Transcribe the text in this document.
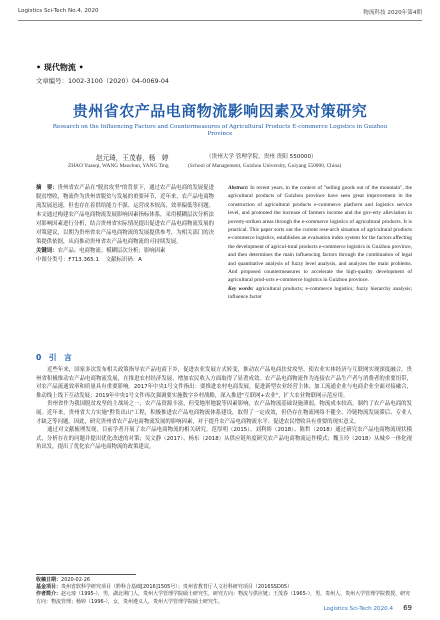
Logistics Sci-Tech No.4, 2020	物流科技 2020年第4期
• 现代物流 •
文章编号：1002-3100（2020）04-0069-04
贵州省农产品电商物流影响因素及对策研究
Research on the Influencing Factors and Countermeasures of Agricultural Products E-commerce Logistics in Guizhou Province
赵元琦，王茂春，杨　婷	（贵州大学 管理学院，贵州 贵阳 550000）
ZHAO Yuanqi, WANG Maochun, YANG Ting	(School of Management, Guizhou University, Guiyang 550000, China)
摘　要：贵州省农产品在"脱贫攻坚"的背景下，通过农产品电商的发展促进脱贫增收，物流作为贵州省脱贫与发展的重要环节，近年来，农产品电商物流发展迅速，但也存在着供给能力不强、运营成本较高、效率偏低等问题。本文通过构建农产品电商物流发展影响因素指标体系，采用模糊层次分析法对影响因素进行分析，结合贵州省实际情况提出促进农产品电商物流发展的对策建议，以期为贵州省农产品电商物流的发展提供参考，为相关部门的决策提供依据，从而推动贵州省农产品电商物流的可持续发展。
关键词：农产品；电商物流；模糊层次分析；影响因素
中图分类号：F713.365.1 文献标识码：A
Abstract: In recent years, in the context of "selling goods out of the mountain", the agricultural products of Guizhou province have seen great improvement in the construction of agricultural products e-commerce platform and logistics service level, and promoted the increase of farmers income and the gov-erty alleviation in poverty-striken areas through the e-commerce logistics of agricultural products. It is practical. This paper sorts out the current rese-arch situation of agricultural products e-commerce logistics, establishes an evaluation index system for the factors affecting the development of agricul-tural products e-commerce logistics in Guizhou province, and then determines the main influencing factors through the combination of legal and quantitative analysis of fuzzy level analysis, and analyzes the main problems. And proposed countermeasures to accelerate the high-quality development of agricultural prod-ucts e-commerce logistics in Guizhou province.
Key words: agricultural products; e-commerce logistics; fuzzy hierarchy analysis; influence factor
0　引　言

近些年来，国家多次发布相关政策指导农产品电商下乡，促进农业发展方式转变，推动农产品电商扶贫攻坚，使农业实体经济与互联网实现深度融合，贵州省积极推动农产品电商物流发展，在推进农村经济发展、增加农民收入方面取得了显著成效。农产品电商物流作为连接农产品生产者与消费者的重要纽带，对农产品流通效率和质量具有重要影响。2017年中央1号文件指出：要推进农村电商发展，促进新型农业经营主体、加工流通企业与电商企业全面对接融合，推动线上线下互动发展；2019年中央1号文件再次强调要实施数字乡村战略，深入推进"互联网+农业"，扩大农业物联网示范应用。

贵州省作为我国脱贫攻坚的主战场之一，农产品资源丰富，但受地形地貌等因素影响，农产品物流基础设施薄弱，物流成本较高，制约了农产品电商的发展。近年来，贵州省大力实施"黔货出山"工程，积极推进农产品电商物流体系建设，取得了一定成效，但仍存在物流网络不健全、冷链物流发展滞后、专业人才缺乏等问题。因此，研究贵州省农产品电商物流发展的影响因素，对于提升农产品电商物流水平、促进农民增收具有重要的现实意义。

通过对文献梳理发现，目前学者开展了农产品电商物流的相关研究。范厚明（2015）、刘利娇（2018）、陈哲（2018）通过研究农产品电商物流现状模式，分析存在的问题并提出优化改进的对策；吴文静（2017）、杨东（2018）从供应链角度研究农产品电商物流运作模式；魏玉玲（2018）从城乡一体化视角出发，提出了优化农产品电商物流的政策建议。

收稿日期：2020-02-26
基金项目：贵州省软科学研究项目（黔科合基础[2016]1505号）；贵州省教育厅人文社科研究项目（2016SSD05）
作者简介：赵元琦（1995-），男，湖北荆门人，贵州大学管理学院硕士研究生，研究方向：物流与供应链；王茂春（1965-），男，贵州人，贵州大学管理学院教授，研究方向：物流管理；杨婷（1996-），女，贵州遵义人，贵州大学管理学院硕士研究生。
Logistics Sci-Tech 2020.4 69
